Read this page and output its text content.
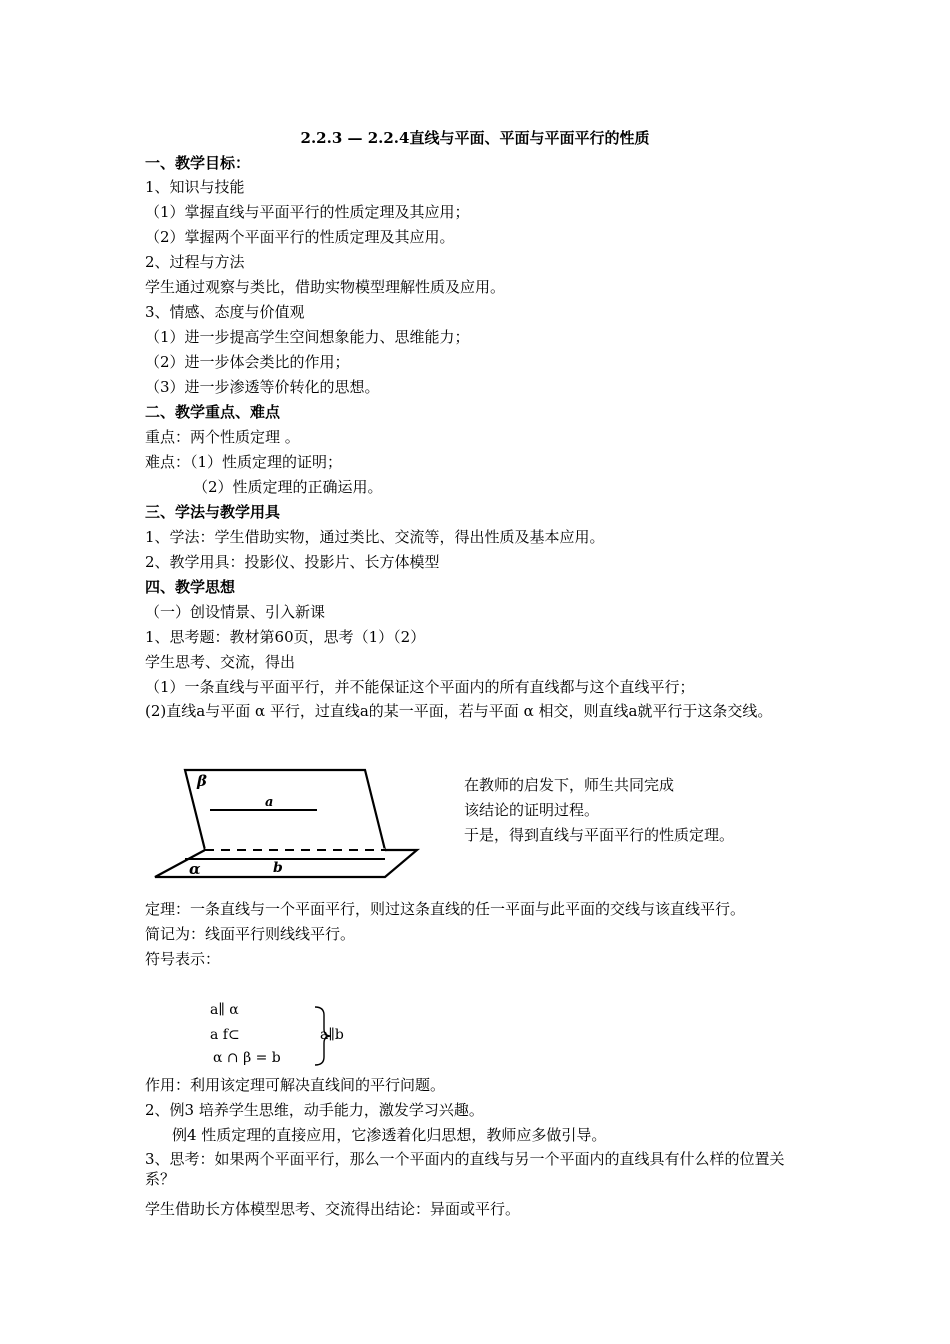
2.2.3 — 2.2.4直线与平面、平面与平面平行的性质
一、教学目标：
1、知识与技能
（1）掌握直线与平面平行的性质定理及其应用；
（2）掌握两个平面平行的性质定理及其应用。
2、过程与方法
学生通过观察与类比，借助实物模型理解性质及应用。
3、情感、态度与价值观
（1）进一步提高学生空间想象能力、思维能力；
（2）进一步体会类比的作用；
（3）进一步渗透等价转化的思想。
二、教学重点、难点
重点：两个性质定理 。
难点：（1）性质定理的证明；
（2）性质定理的正确运用。
三、学法与教学用具
1、学法：学生借助实物，通过类比、交流等，得出性质及基本应用。
2、教学用具：投影仪、投影片、长方体模型
四、教学思想
（一）创设情景、引入新课
1、思考题：教材第60页，思考（1）（2）
学生思考、交流，得出
（1）一条直线与平面平行，并不能保证这个平面内的所有直线都与这个直线平行；
(2)直线a与平面 α 平行，过直线a的某一平面，若与平面 α 相交，则直线a就平行于这条交线。
β
a
b
α
在教师的启发下，师生共同完成
该结论的证明过程。
于是，得到直线与平面平行的性质定理。
定理：一条直线与一个平面平行，则过这条直线的任一平面与此平面的交线与该直线平行。
简记为：线面平行则线线平行。
符号表示：
a∥ α
a f⊂
α ∩ β = b
a∥b
作用：利用该定理可解决直线间的平行问题。
2、例3 培养学生思维，动手能力，激发学习兴趣。
例4 性质定理的直接应用，它渗透着化归思想，教师应多做引导。
3、思考：如果两个平面平行，那么一个平面内的直线与另一个平面内的直线具有什么样的位置关系？
学生借助长方体模型思考、交流得出结论：异面或平行。
